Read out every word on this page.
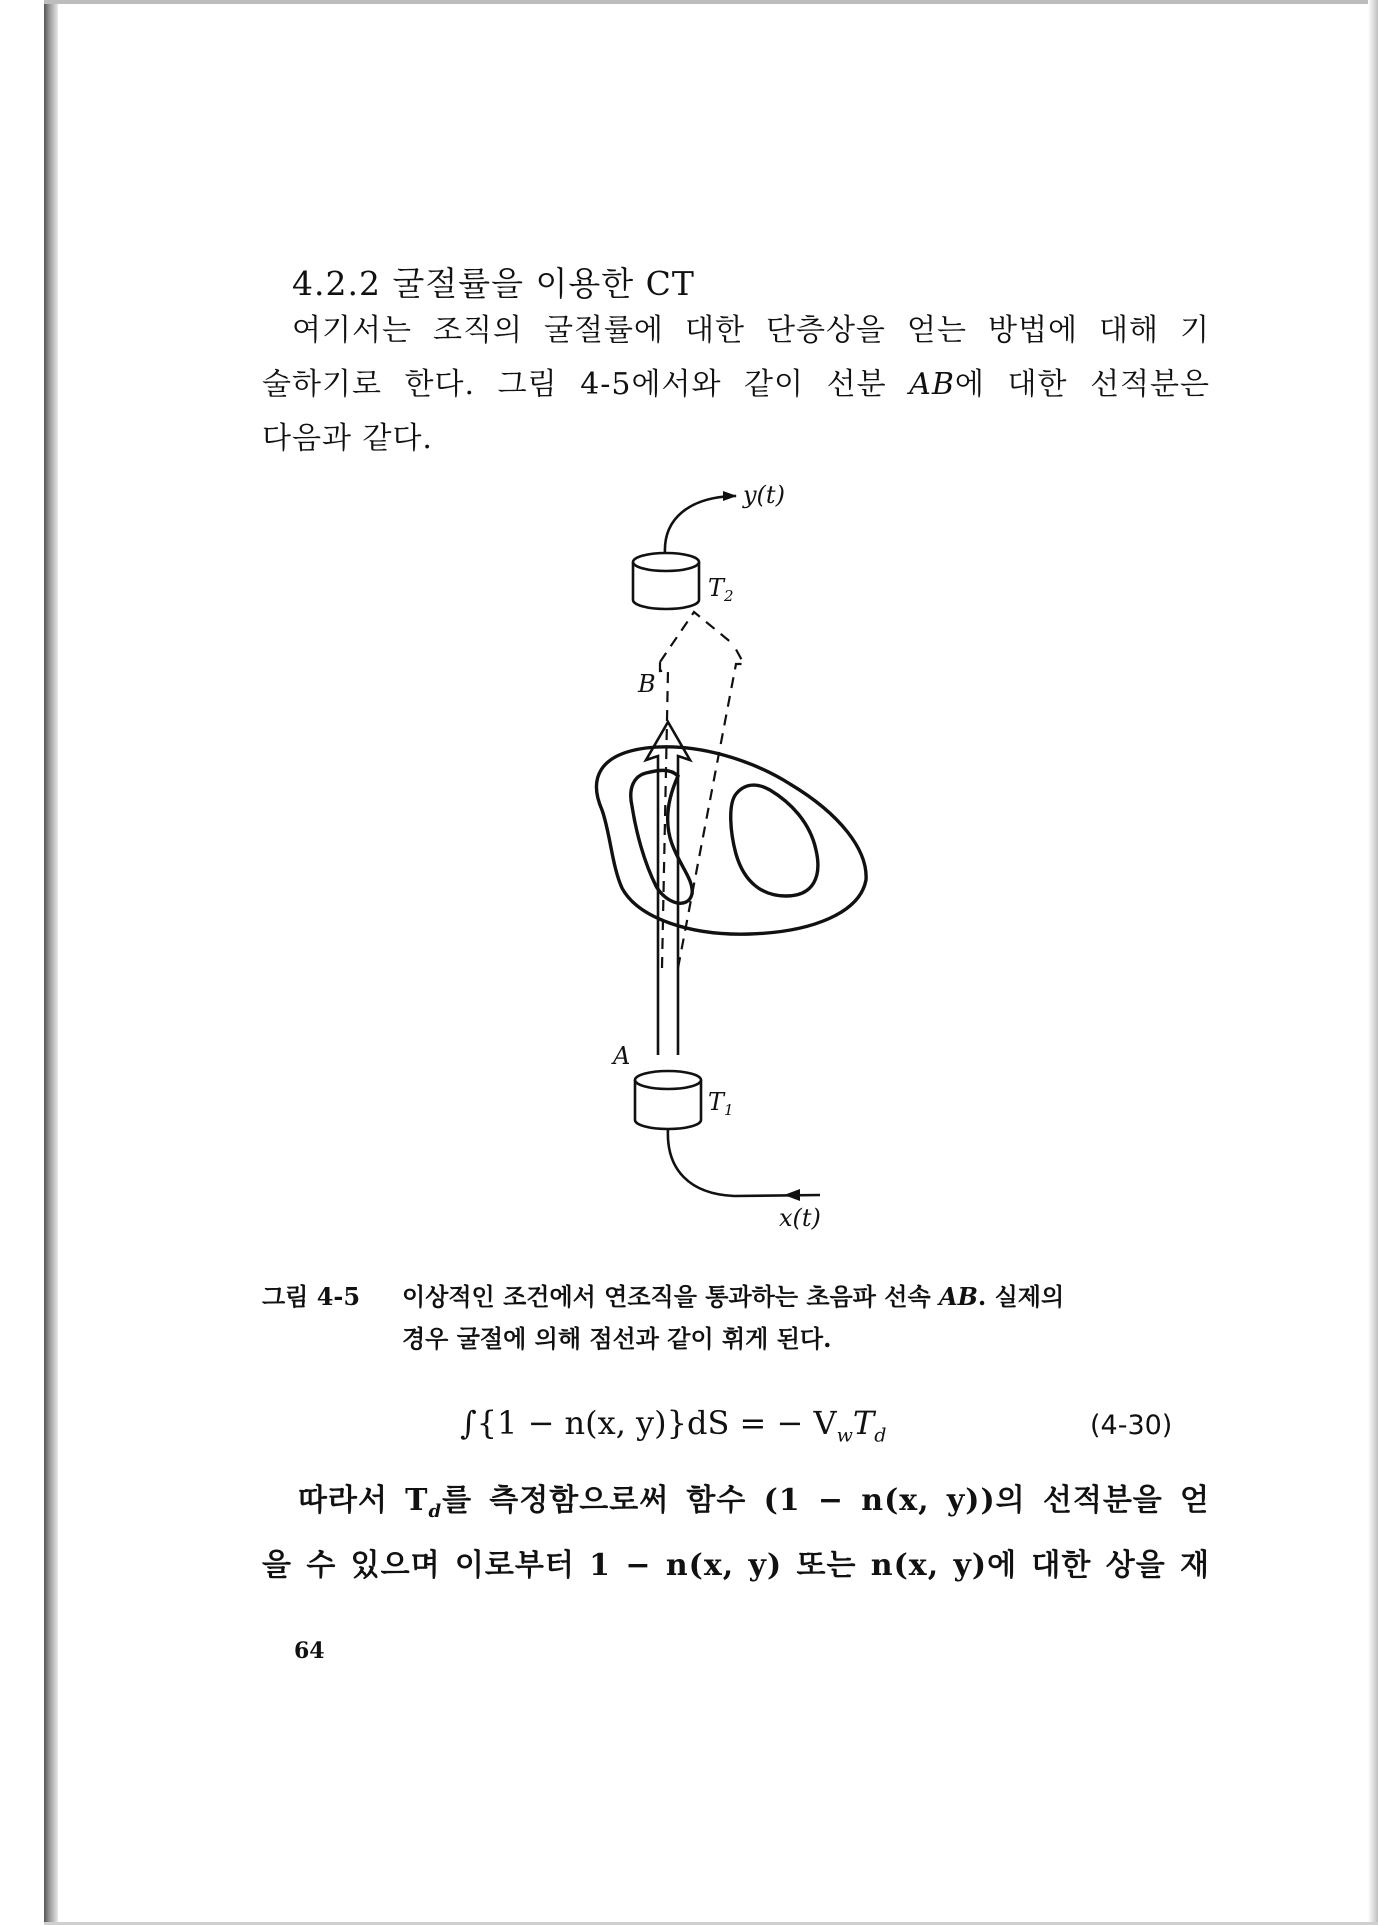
4.2.2 굴절률을 이용한 CT
여기서는 조직의 굴절률에 대한 단층상을 얻는 방법에 대해 기
술하기로 한다. 그림 4-5에서와 같이 선분 AB에 대한 선적분은
다음과 같다.
y(t)
$T_2$
B
A
$T_1$
x(t)
그림 4-5 이상적인 조건에서 연조직을 통과하는 초음파 선속 AB. 실제의
경우 굴절에 의해 점선과 같이 휘게 된다.
∫{1 − n(x, y)}dS = − $V_wT_d$	(4-30)
따라서 $T_d$를 측정함으로써 함수 (1 − n(x, y))의 선적분을 얻
을 수 있으며 이로부터 1 − n(x, y) 또는 n(x, y)에 대한 상을 재
64
